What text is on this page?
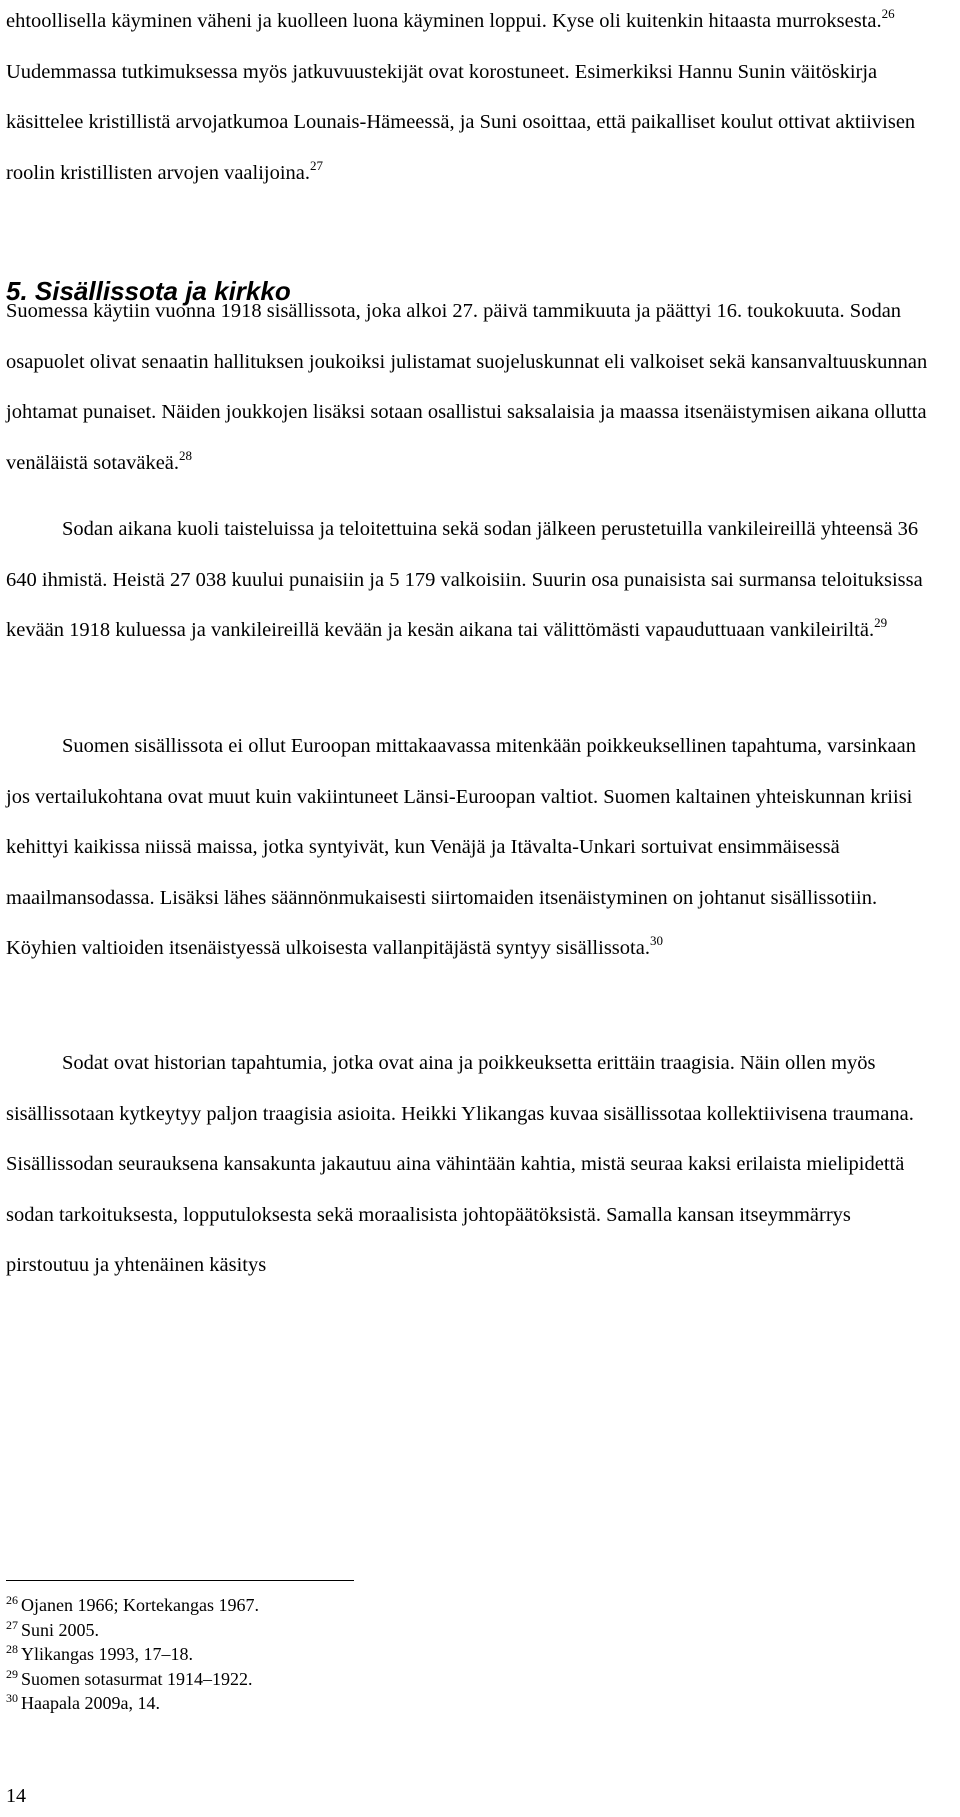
ehtoollisella käyminen väheni ja kuolleen luona käyminen loppui. Kyse oli kuitenkin hitaasta murroksesta.$^{26}$ Uudemmassa tutkimuksessa myös jatkuvuustekijät ovat korostuneet. Esimerkiksi Hannu Sunin väitöskirja käsittelee kristillistä arvojatkumoa Lounais-Hämeessä, ja Suni osoittaa, että paikalliset koulut ottivat aktiivisen roolin kristillisten arvojen vaalijoina.$^{27}$

5. Sisällissota ja kirkko

Suomessa käytiin vuonna 1918 sisällissota, joka alkoi 27. päivä tammikuuta ja päättyi 16. toukokuuta. Sodan osapuolet olivat senaatin hallituksen joukoiksi julistamat suojeluskunnat eli valkoiset sekä kansanvaltuuskunnan johtamat punaiset. Näiden joukkojen lisäksi sotaan osallistui saksalaisia ja maassa itsenäistymisen aikana ollutta venäläistä sotaväkeä.$^{28}$

Sodan aikana kuoli taisteluissa ja teloitettuina sekä sodan jälkeen perustetuilla vankileireillä yhteensä 36 640 ihmistä. Heistä 27 038 kuului punaisiin ja 5 179 valkoisiin. Suurin osa punaisista sai surmansa teloituksissa kevään 1918 kuluessa ja vankileireillä kevään ja kesän aikana tai välittömästi vapauduttuaan vankileiriltä.$^{29}$

Suomen sisällissota ei ollut Euroopan mittakaavassa mitenkään poikkeuksellinen tapahtuma, varsinkaan jos vertailukohtana ovat muut kuin vakiintuneet Länsi-Euroopan valtiot. Suomen kaltainen yhteiskunnan kriisi kehittyi kaikissa niissä maissa, jotka syntyivät, kun Venäjä ja Itävalta-Unkari sortuivat ensimmäisessä maailmansodassa. Lisäksi lähes säännönmukaisesti siirtomaiden itsenäistyminen on johtanut sisällissotiin. Köyhien valtioiden itsenäistyessä ulkoisesta vallanpitäjästä syntyy sisällissota.$^{30}$

Sodat ovat historian tapahtumia, jotka ovat aina ja poikkeuksetta erittäin traagisia. Näin ollen myös sisällissotaan kytkeytyy paljon traagisia asioita. Heikki Ylikangas kuvaa sisällissotaa kollektiivisena traumana. Sisällissodan seurauksena kansakunta jakautuu aina vähintään kahtia, mistä seuraa kaksi erilaista mielipidettä sodan tarkoituksesta, lopputuloksesta sekä moraalisista johtopäätöksistä. Samalla kansan itseymmärrys pirstoutuu ja yhtenäinen käsitys

$^{26}$ Ojanen 1966; Kortekangas 1967.
$^{27}$ Suni 2005.
$^{28}$ Ylikangas 1993, 17–18.
$^{29}$ Suomen sotasurmat 1914–1922.
$^{30}$ Haapala 2009a, 14.
14
